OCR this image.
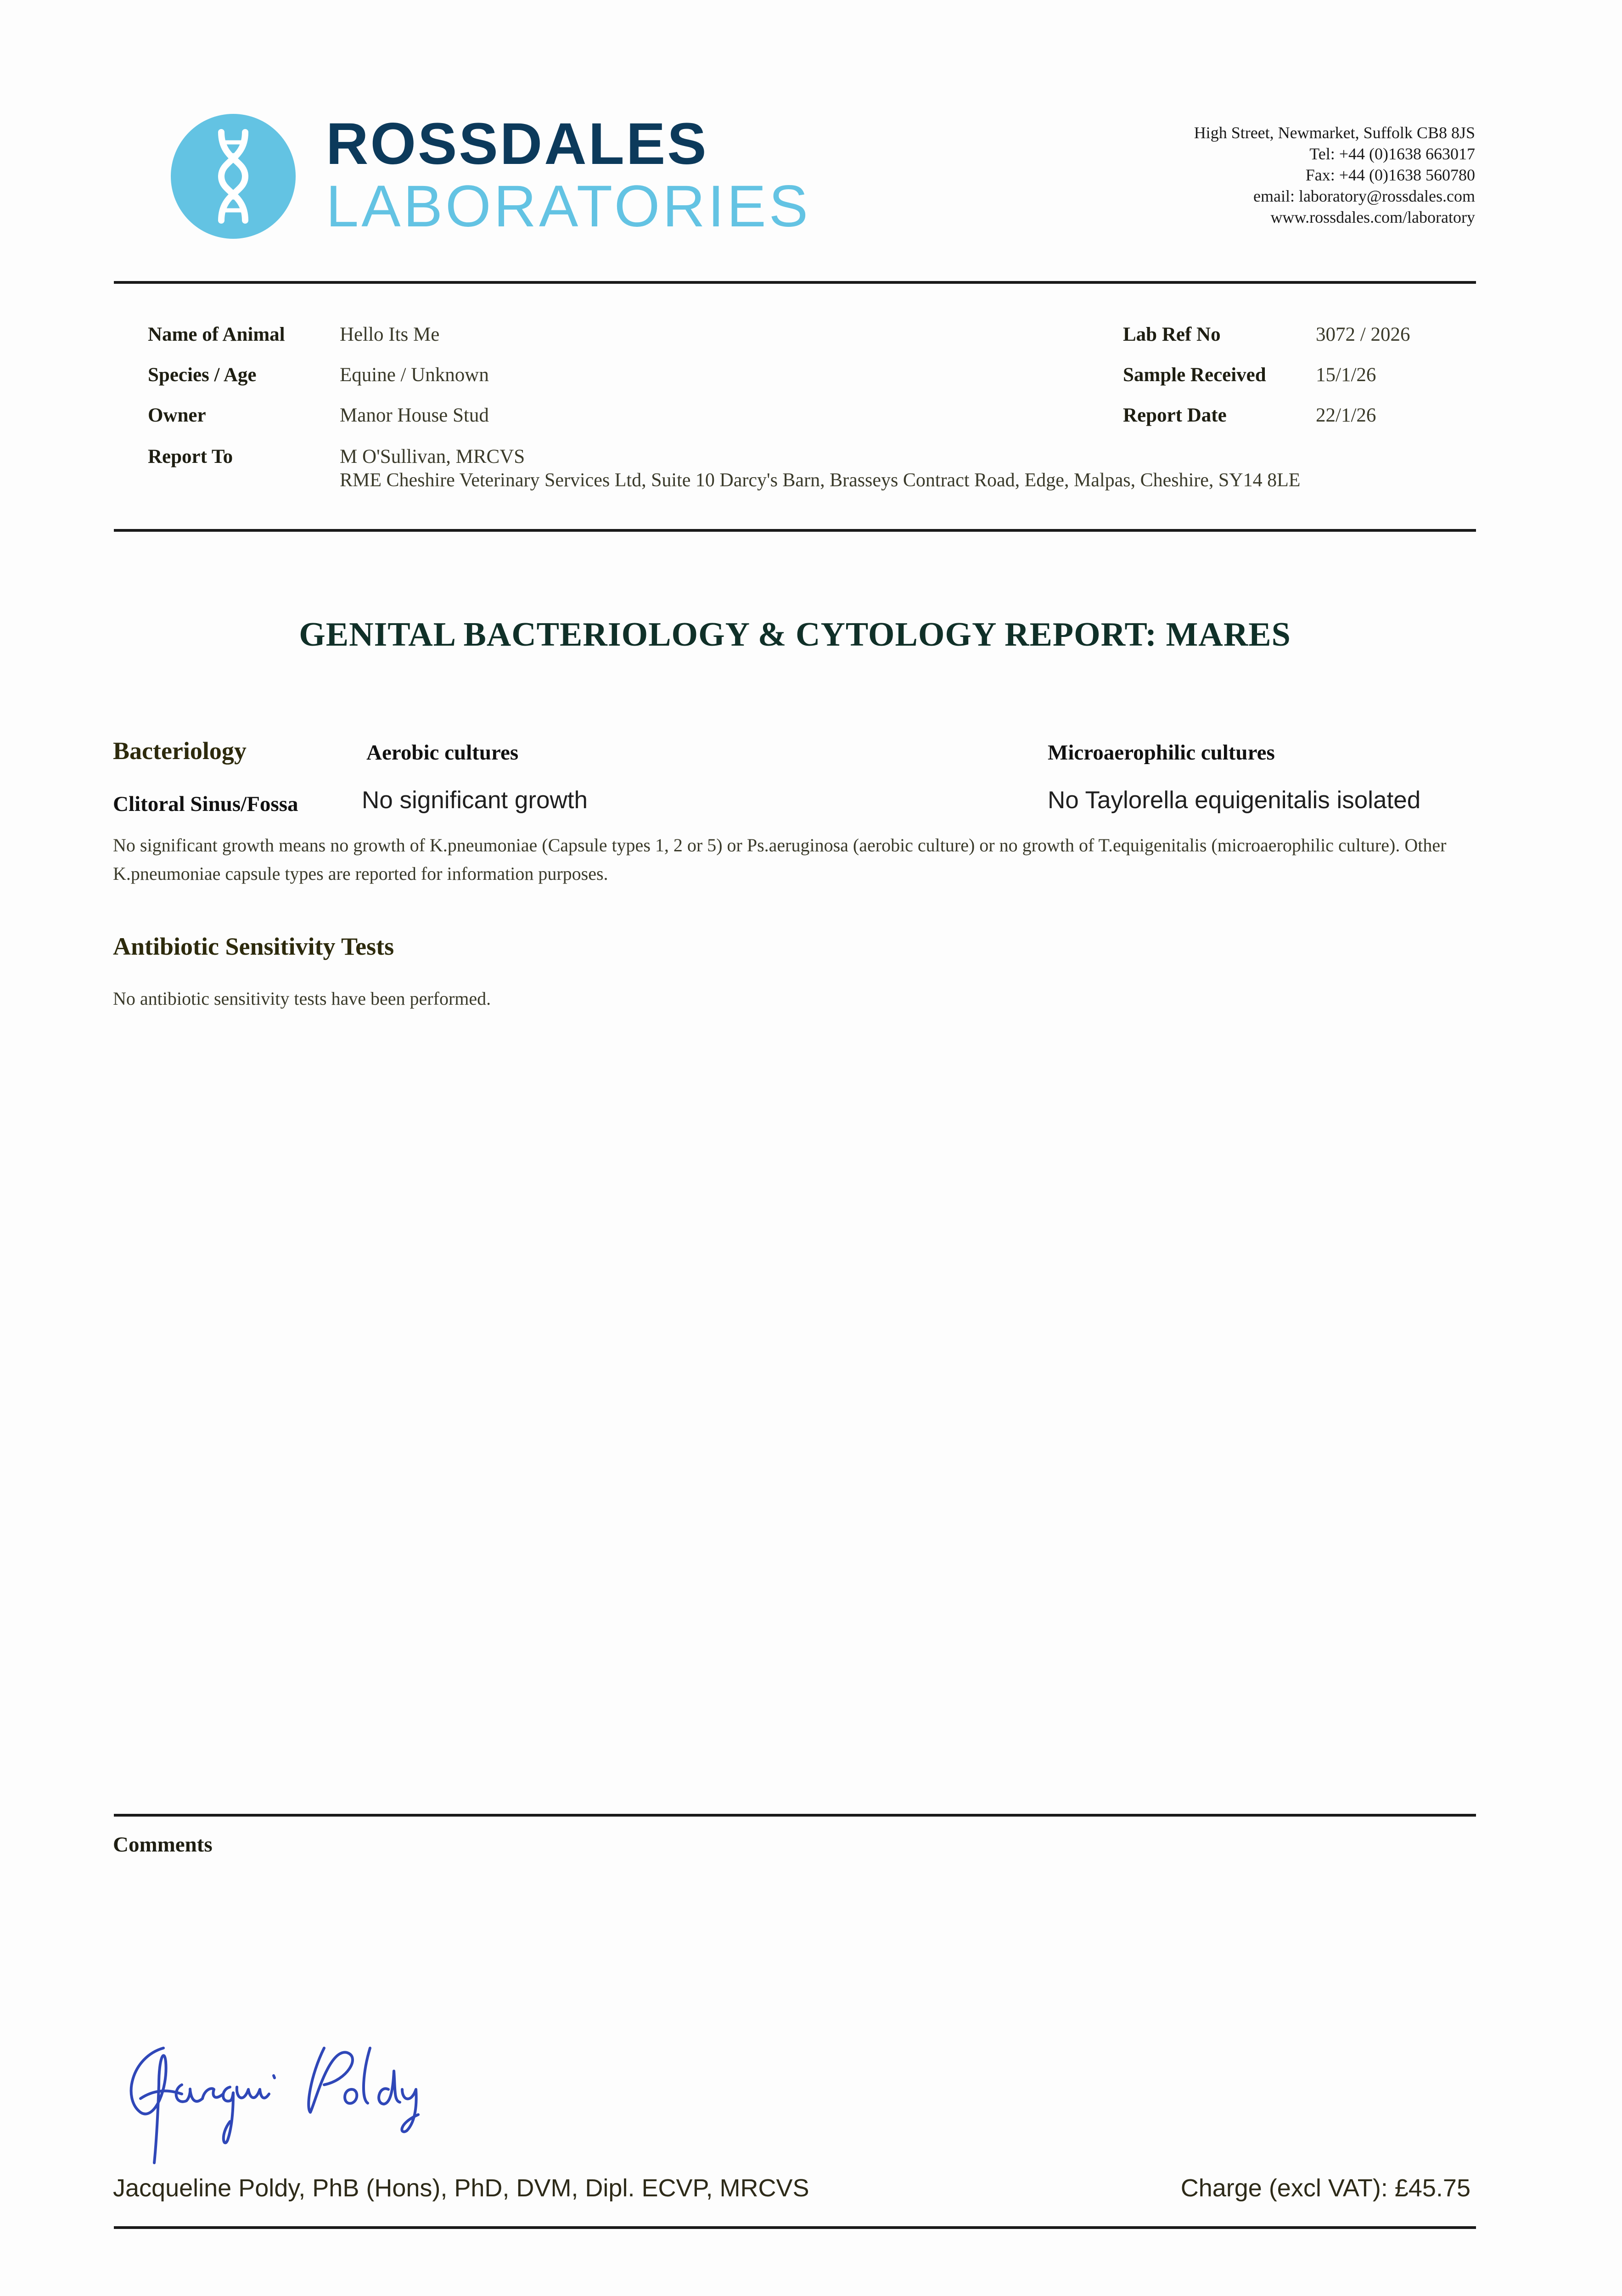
ROSSDALES
LABORATORIES
High Street, Newmarket, Suffolk CB8 8JS
Tel: +44 (0)1638 663017
Fax: +44 (0)1638 560780
email: laboratory@rossdales.com
www.rossdales.com/laboratory
Name of Animal	Hello Its Me
Species / Age	Equine / Unknown
Owner	Manor House Stud
Report To	M O'Sullivan, MRCVS
RME Cheshire Veterinary Services Ltd, Suite 10 Darcy's Barn, Brasseys Contract Road, Edge, Malpas, Cheshire, SY14 8LE
Lab Ref No	3072 / 2026
Sample Received	15/1/26
Report Date	22/1/26
GENITAL BACTERIOLOGY & CYTOLOGY REPORT: MARES
Bacteriology	Aerobic cultures	Microaerophilic cultures
Clitoral Sinus/Fossa	No significant growth	No Taylorella equigenitalis isolated
No significant growth means no growth of K.pneumoniae (Capsule types 1, 2 or 5) or Ps.aeruginosa (aerobic culture) or no growth of T.equigenitalis (microaerophilic culture). Other K.pneumoniae capsule types are reported for information purposes.
Antibiotic Sensitivity Tests
No antibiotic sensitivity tests have been performed.
Comments
Jacqueline Poldy, PhB (Hons), PhD, DVM, Dipl. ECVP, MRCVS	Charge (excl VAT): £45.75
